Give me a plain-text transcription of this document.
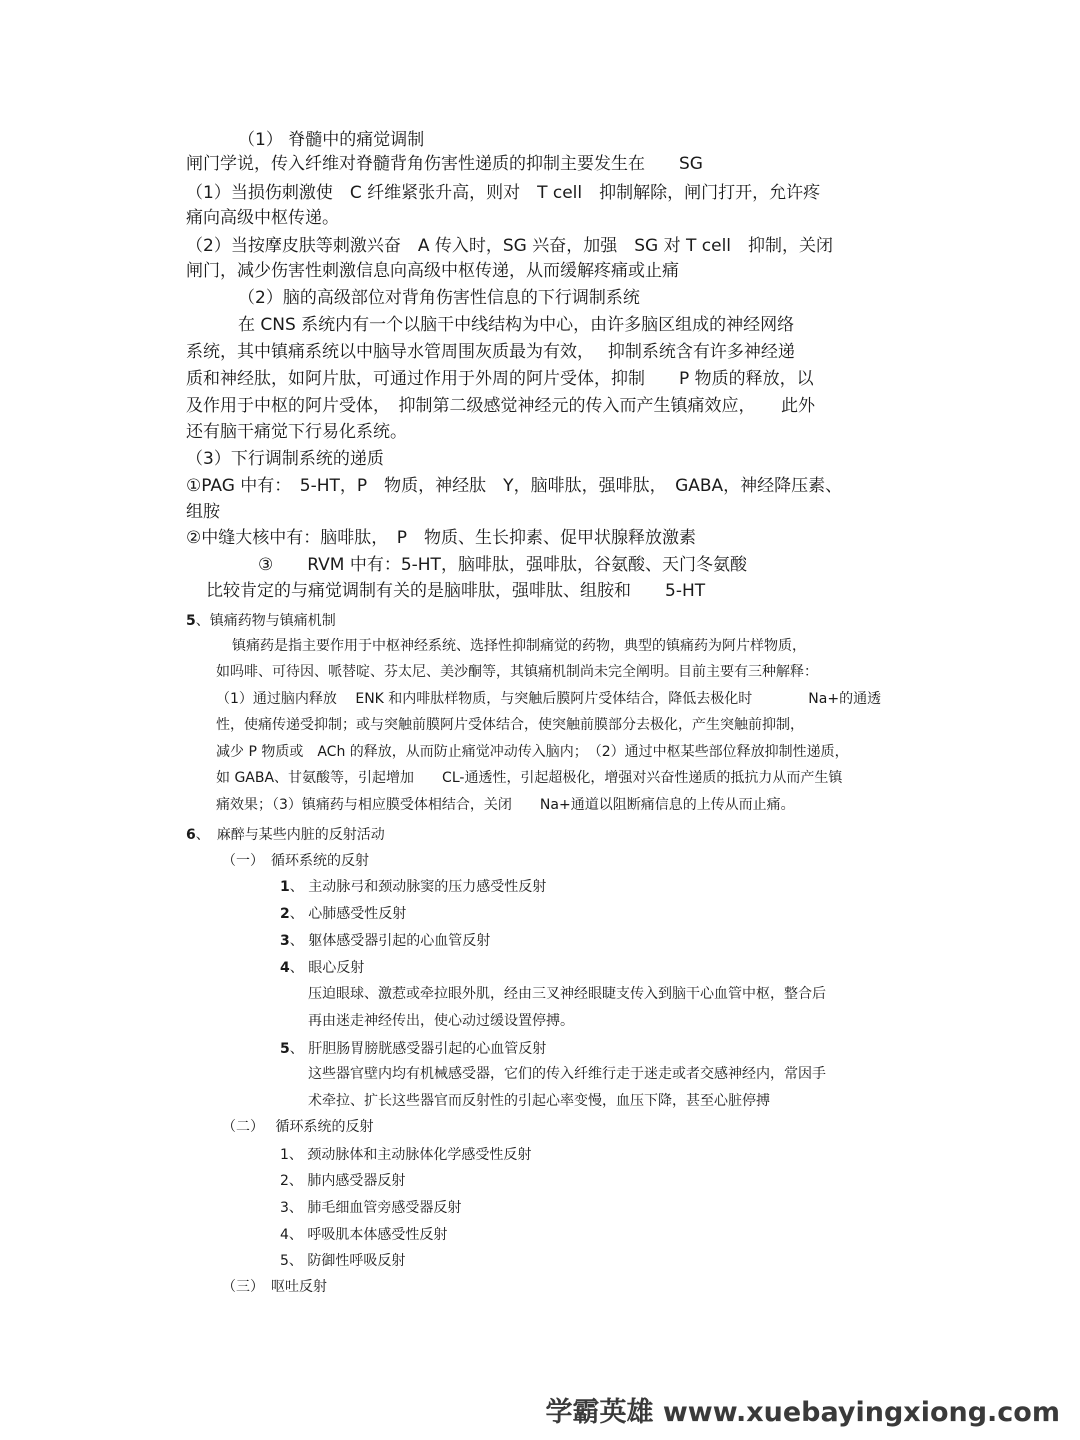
（1） 脊髓中的痛觉调制

闸门学说，传入纤维对脊髓背角伤害性递质的抑制主要发生在　　SG

（1）当损伤刺激使　C 纤维紧张升高，则对　T cell　抑制解除，闸门打开，允许疼

痛向高级中枢传递。

（2）当按摩皮肤等刺激兴奋　A 传入时，SG 兴奋，加强　SG 对 T cell　抑制，关闭

闸门，减少伤害性刺激信息向高级中枢传递，从而缓解疼痛或止痛

（2）脑的高级部位对背角伤害性信息的下行调制系统

在 CNS 系统内有一个以脑干中线结构为中心，由许多脑区组成的神经网络

系统，其中镇痛系统以中脑导水管周围灰质最为有效，　 抑制系统含有许多神经递

质和神经肽，如阿片肽，可通过作用于外周的阿片受体，抑制　　P 物质的释放，以

及作用于中枢的阿片受体，　抑制第二级感觉神经元的传入而产生镇痛效应，　　此外

还有脑干痛觉下行易化系统。

（3）下行调制系统的递质

①PAG 中有：　5-HT，P　物质，神经肽　Y，脑啡肽，强啡肽，　GABA，神经降压素、

组胺

②中缝大核中有：脑啡肽，　P　物质、生长抑素、促甲状腺释放激素

③　　RVM 中有：5-HT，脑啡肽，强啡肽，谷氨酸、天门冬氨酸

比较肯定的与痛觉调制有关的是脑啡肽，强啡肽、组胺和　　5-HT

5、镇痛药物与镇痛机制

镇痛药是指主要作用于中枢神经系统、选择性抑制痛觉的药物，典型的镇痛药为阿片样物质，

如吗啡、可待因、哌替啶、芬太尼、美沙酮等，其镇痛机制尚未完全阐明。目前主要有三种解释：

（1）通过脑内释放　 ENK 和内啡肽样物质，与突触后膜阿片受体结合，降低去极化时　　　　Na+的通透

性，使痛传递受抑制；或与突触前膜阿片受体结合，使突触前膜部分去极化，产生突触前抑制，

减少 P 物质或　ACh 的释放，从而防止痛觉冲动传入脑内；　（2）通过中枢某些部位释放抑制性递质，

如 GABA、甘氨酸等，引起增加　　CL-通透性，引起超极化，增强对兴奋性递质的抵抗力从而产生镇

痛效果；（3）镇痛药与相应膜受体相结合，关闭　　Na+通道以阻断痛信息的上传从而止痛。

6、　麻醉与某些内脏的反射活动

（一）　循环系统的反射

1、 主动脉弓和颈动脉窦的压力感受性反射

2、 心肺感受性反射

3、 躯体感受器引起的心血管反射

4、 眼心反射

压迫眼球、激惹或牵拉眼外肌，经由三叉神经眼睫支传入到脑干心血管中枢，整合后

再由迷走神经传出，使心动过缓设置停搏。

5、 肝胆肠胃膀胱感受器引起的心血管反射

这些器官壁内均有机械感受器，它们的传入纤维行走于迷走或者交感神经内，常因手

术牵拉、扩长这些器官而反射性的引起心率变慢，血压下降，甚至心脏停搏

（二）　 循环系统的反射

1、 颈动脉体和主动脉体化学感受性反射

2、 肺内感受器反射

3、 肺毛细血管旁感受器反射

4、 呼吸肌本体感受性反射

5、 防御性呼吸反射

（三）　呕吐反射

学霸英雄 www.xuebayingxiong.com
